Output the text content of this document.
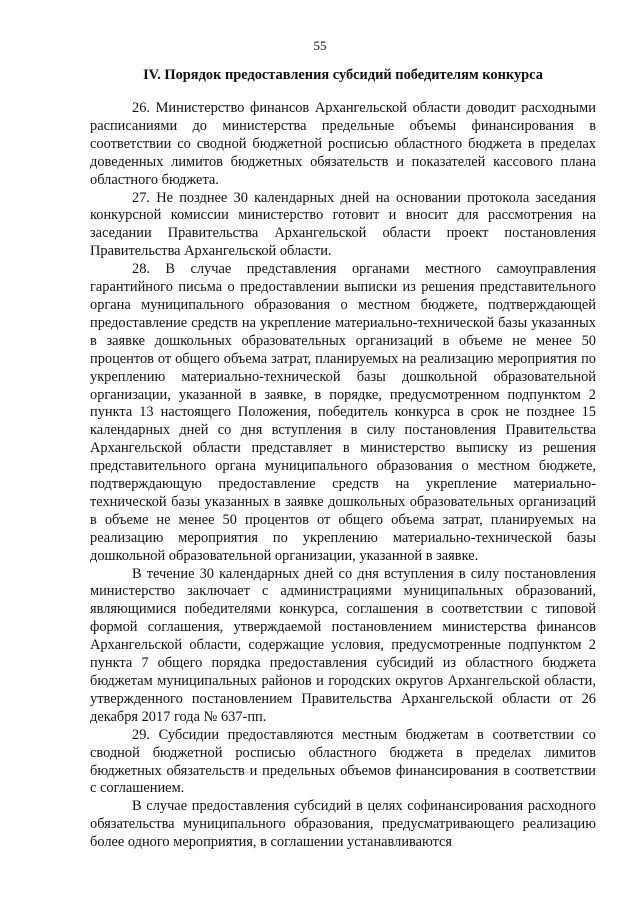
55
IV. Порядок предоставления субсидий победителям конкурса

26. Министерство финансов Архангельской области доводит расходными расписаниями до министерства предельные объемы финансирования в соответствии со сводной бюджетной росписью областного бюджета в пределах доведенных лимитов бюджетных обязательств и показателей кассового плана областного бюджета.

27. Не позднее 30 календарных дней на основании протокола заседания конкурсной комиссии министерство готовит и вносит для рассмотрения на заседании Правительства Архангельской области проект постановления Правительства Архангельской области.

28. В случае представления органами местного самоуправления гарантийного письма о предоставлении выписки из решения представительного органа муниципального образования о местном бюджете, подтверждающей предоставление средств на укрепление материально-технической базы указанных в заявке дошкольных образовательных организаций в объеме не менее 50 процентов от общего объема затрат, планируемых на реализацию мероприятия по укреплению материально-технической базы дошкольной образовательной организации, указанной в заявке, в порядке, предусмотренном подпунктом 2 пункта 13 настоящего Положения, победитель конкурса в срок не позднее 15 календарных дней со дня вступления в силу постановления Правительства Архангельской области представляет в министерство выписку из решения представительного органа муниципального образования о местном бюджете, подтверждающую предоставление средств на укрепление материально-технической базы указанных в заявке дошкольных образовательных организаций в объеме не менее 50 процентов от общего объема затрат, планируемых на реализацию мероприятия по укреплению материально-технической базы дошкольной образовательной организации, указанной в заявке.

В течение 30 календарных дней со дня вступления в силу постановления министерство заключает с администрациями муниципальных образований, являющимися победителями конкурса, соглашения в соответствии с типовой формой соглашения, утверждаемой постановлением министерства финансов Архангельской области, содержащие условия, предусмотренные подпунктом 2 пункта 7 общего порядка предоставления субсидий из областного бюджета бюджетам муниципальных районов и городских округов Архангельской области, утвержденного постановлением Правительства Архангельской области от 26 декабря 2017 года № 637-пп.

29. Субсидии предоставляются местным бюджетам в соответствии со сводной бюджетной росписью областного бюджета в пределах лимитов бюджетных обязательств и предельных объемов финансирования в соответствии с соглашением.

В случае предоставления субсидий в целях софинансирования расходного обязательства муниципального образования, предусматривающего реализацию более одного мероприятия, в соглашении устанавливаются
